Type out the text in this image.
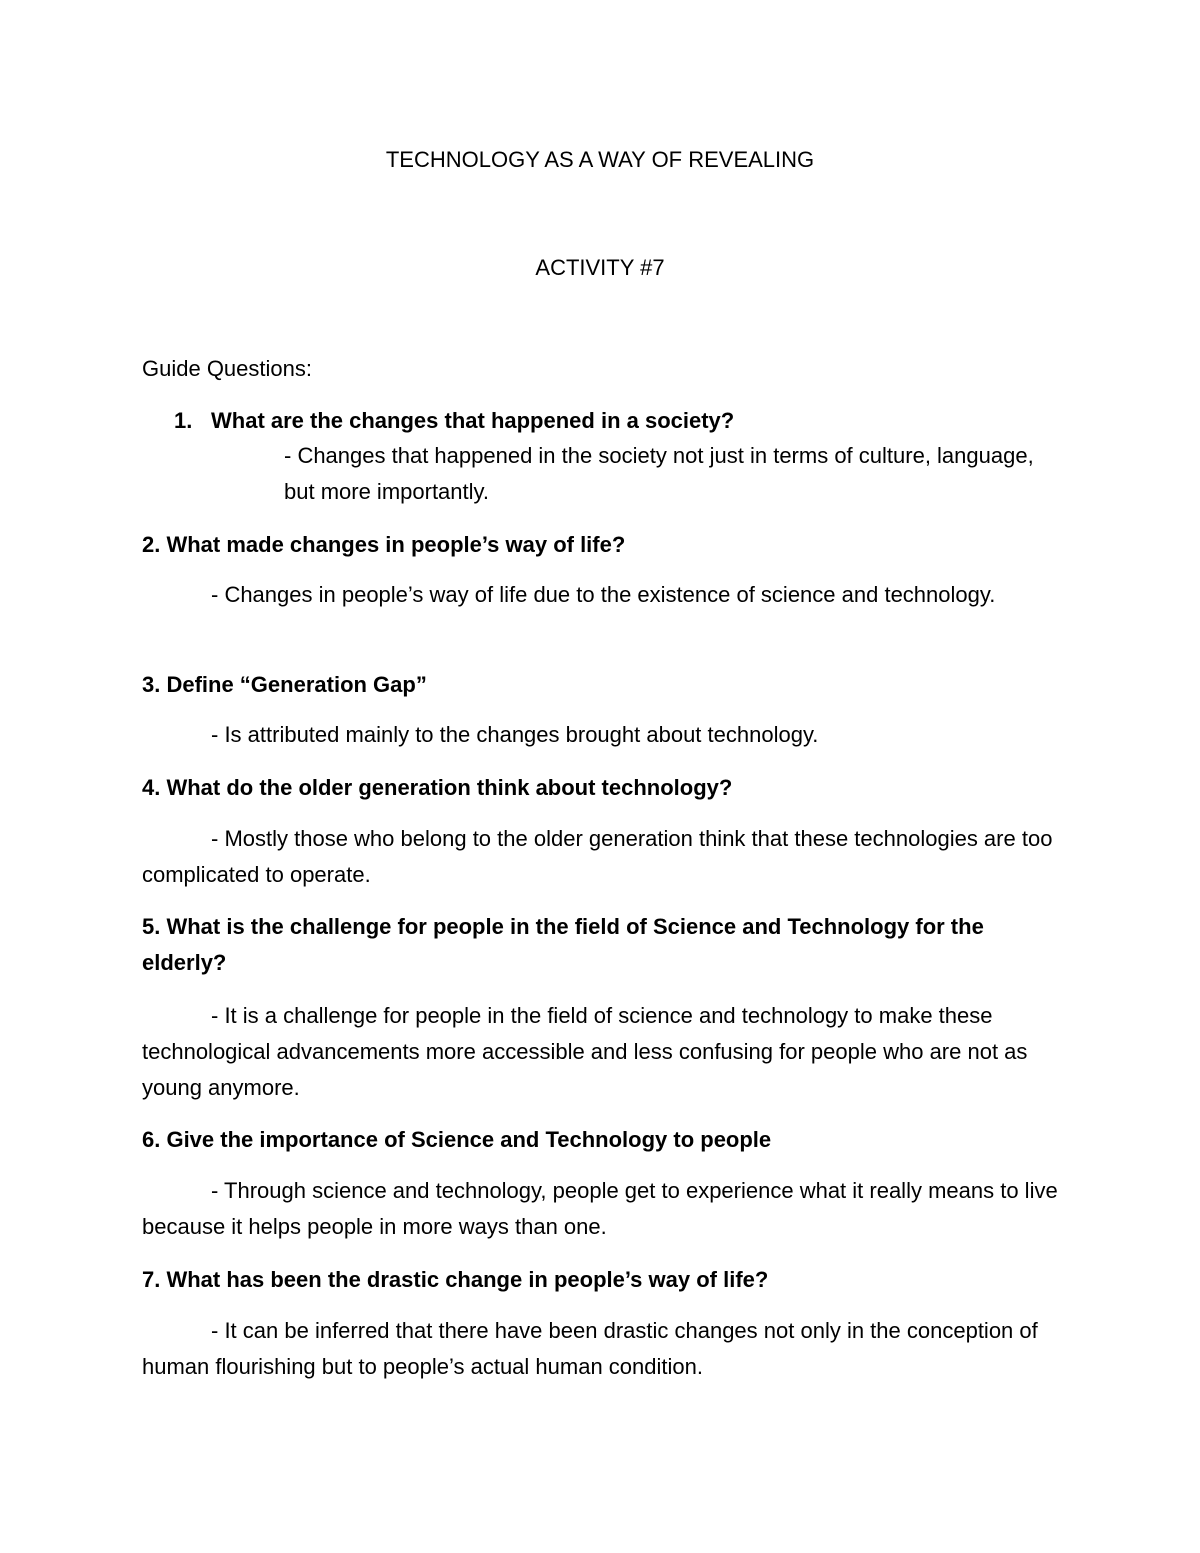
TECHNOLOGY AS A WAY OF REVEALING
ACTIVITY #7
Guide Questions:
1. What are the changes that happened in a society?
- Changes that happened in the society not just in terms of culture, language, but more importantly.
2. What made changes in people’s way of life?
- Changes in people’s way of life due to the existence of science and technology.
3. Define “Generation Gap”
- Is attributed mainly to the changes brought about technology.
4. What do the older generation think about technology?
- Mostly those who belong to the older generation think that these technologies are too complicated to operate.
5. What is the challenge for people in the field of Science and Technology for the elderly?
- It is a challenge for people in the field of science and technology to make these technological advancements more accessible and less confusing for people who are not as young anymore.
6. Give the importance of Science and Technology to people
- Through science and technology, people get to experience what it really means to live because it helps people in more ways than one.
7. What has been the drastic change in people’s way of life?
- It can be inferred that there have been drastic changes not only in the conception of human flourishing but to people’s actual human condition.
